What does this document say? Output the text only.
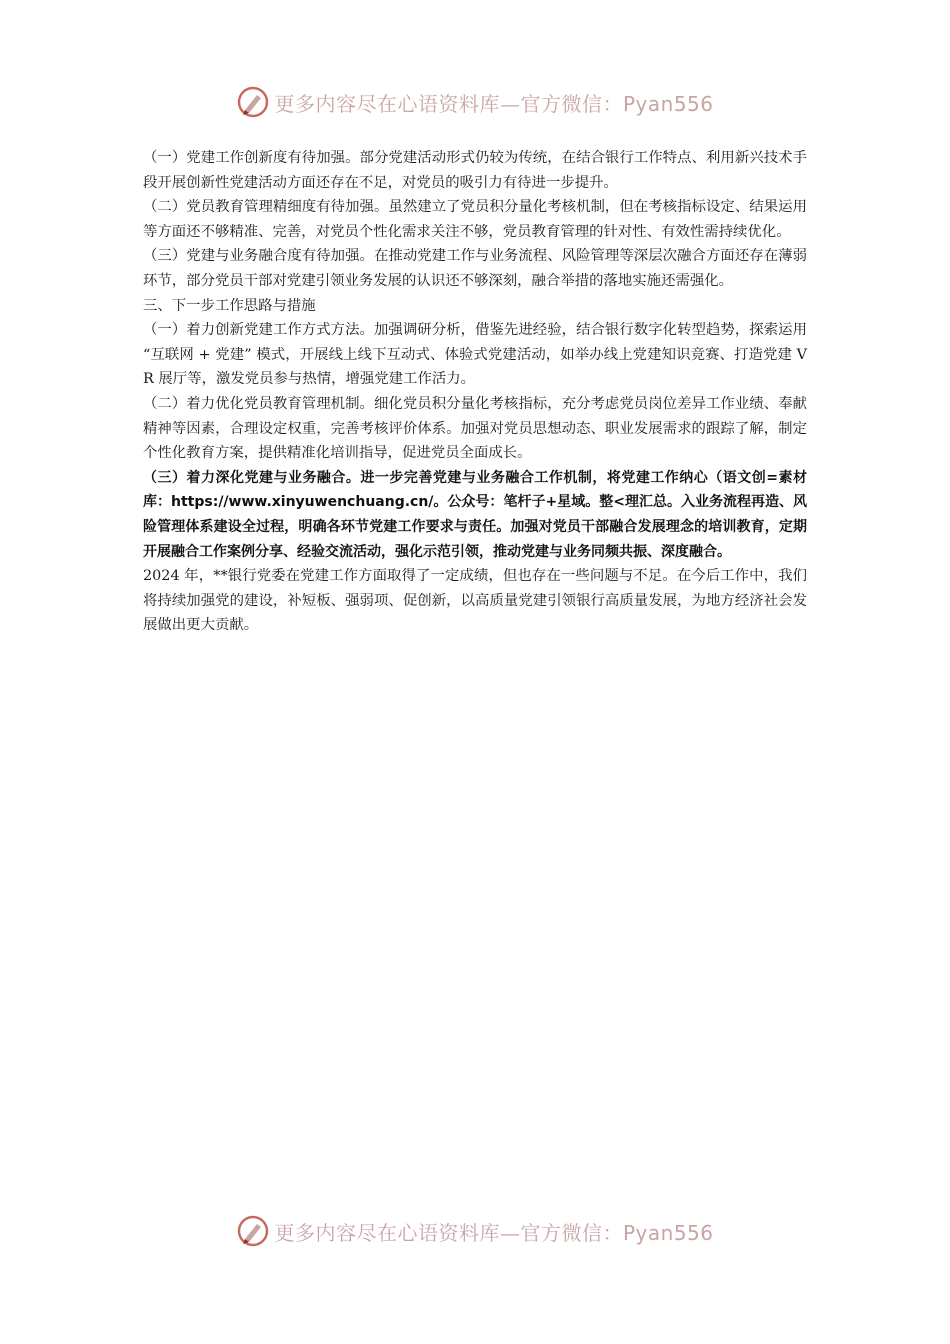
更多内容尽在心语资料库—官方微信：Pyan556

（一）党建工作创新度有待加强。部分党建活动形式仍较为传统，在结合银行工作特点、利用新兴技术手段开展创新性党建活动方面还存在不足，对党员的吸引力有待进一步提升。

（二）党员教育管理精细度有待加强。虽然建立了党员积分量化考核机制，但在考核指标设定、结果运用等方面还不够精准、完善，对党员个性化需求关注不够，党员教育管理的针对性、有效性需持续优化。

（三）党建与业务融合度有待加强。在推动党建工作与业务流程、风险管理等深层次融合方面还存在薄弱环节，部分党员干部对党建引领业务发展的认识还不够深刻，融合举措的落地实施还需强化。

三、下一步工作思路与措施

（一）着力创新党建工作方式方法。加强调研分析，借鉴先进经验，结合银行数字化转型趋势，探索运用 “互联网 + 党建” 模式，开展线上线下互动式、体验式党建活动，如举办线上党建知识竞赛、打造党建 VR 展厅等，激发党员参与热情，增强党建工作活力。

（二）着力优化党员教育管理机制。细化党员积分量化考核指标，充分考虑党员岗位差异工作业绩、奉献精神等因素，合理设定权重，完善考核评价体系。加强对党员思想动态、职业发展需求的跟踪了解，制定个性化教育方案，提供精准化培训指导，促进党员全面成长。

（三）着力深化党建与业务融合。进一步完善党建与业务融合工作机制，将党建工作纳心（语文创=素材库：https://www.xinyuwenchuang.cn/。公众号：笔杆子+星域。整<理汇总。入业务流程再造、风险管理体系建设全过程，明确各环节党建工作要求与责任。加强对党员干部融合发展理念的培训教育，定期开展融合工作案例分享、经验交流活动，强化示范引领，推动党建与业务同频共振、深度融合。

2024 年，**银行党委在党建工作方面取得了一定成绩，但也存在一些问题与不足。在今后工作中，我们将持续加强党的建设，补短板、强弱项、促创新，以高质量党建引领银行高质量发展，为地方经济社会发展做出更大贡献。

更多内容尽在心语资料库—官方微信：Pyan556
